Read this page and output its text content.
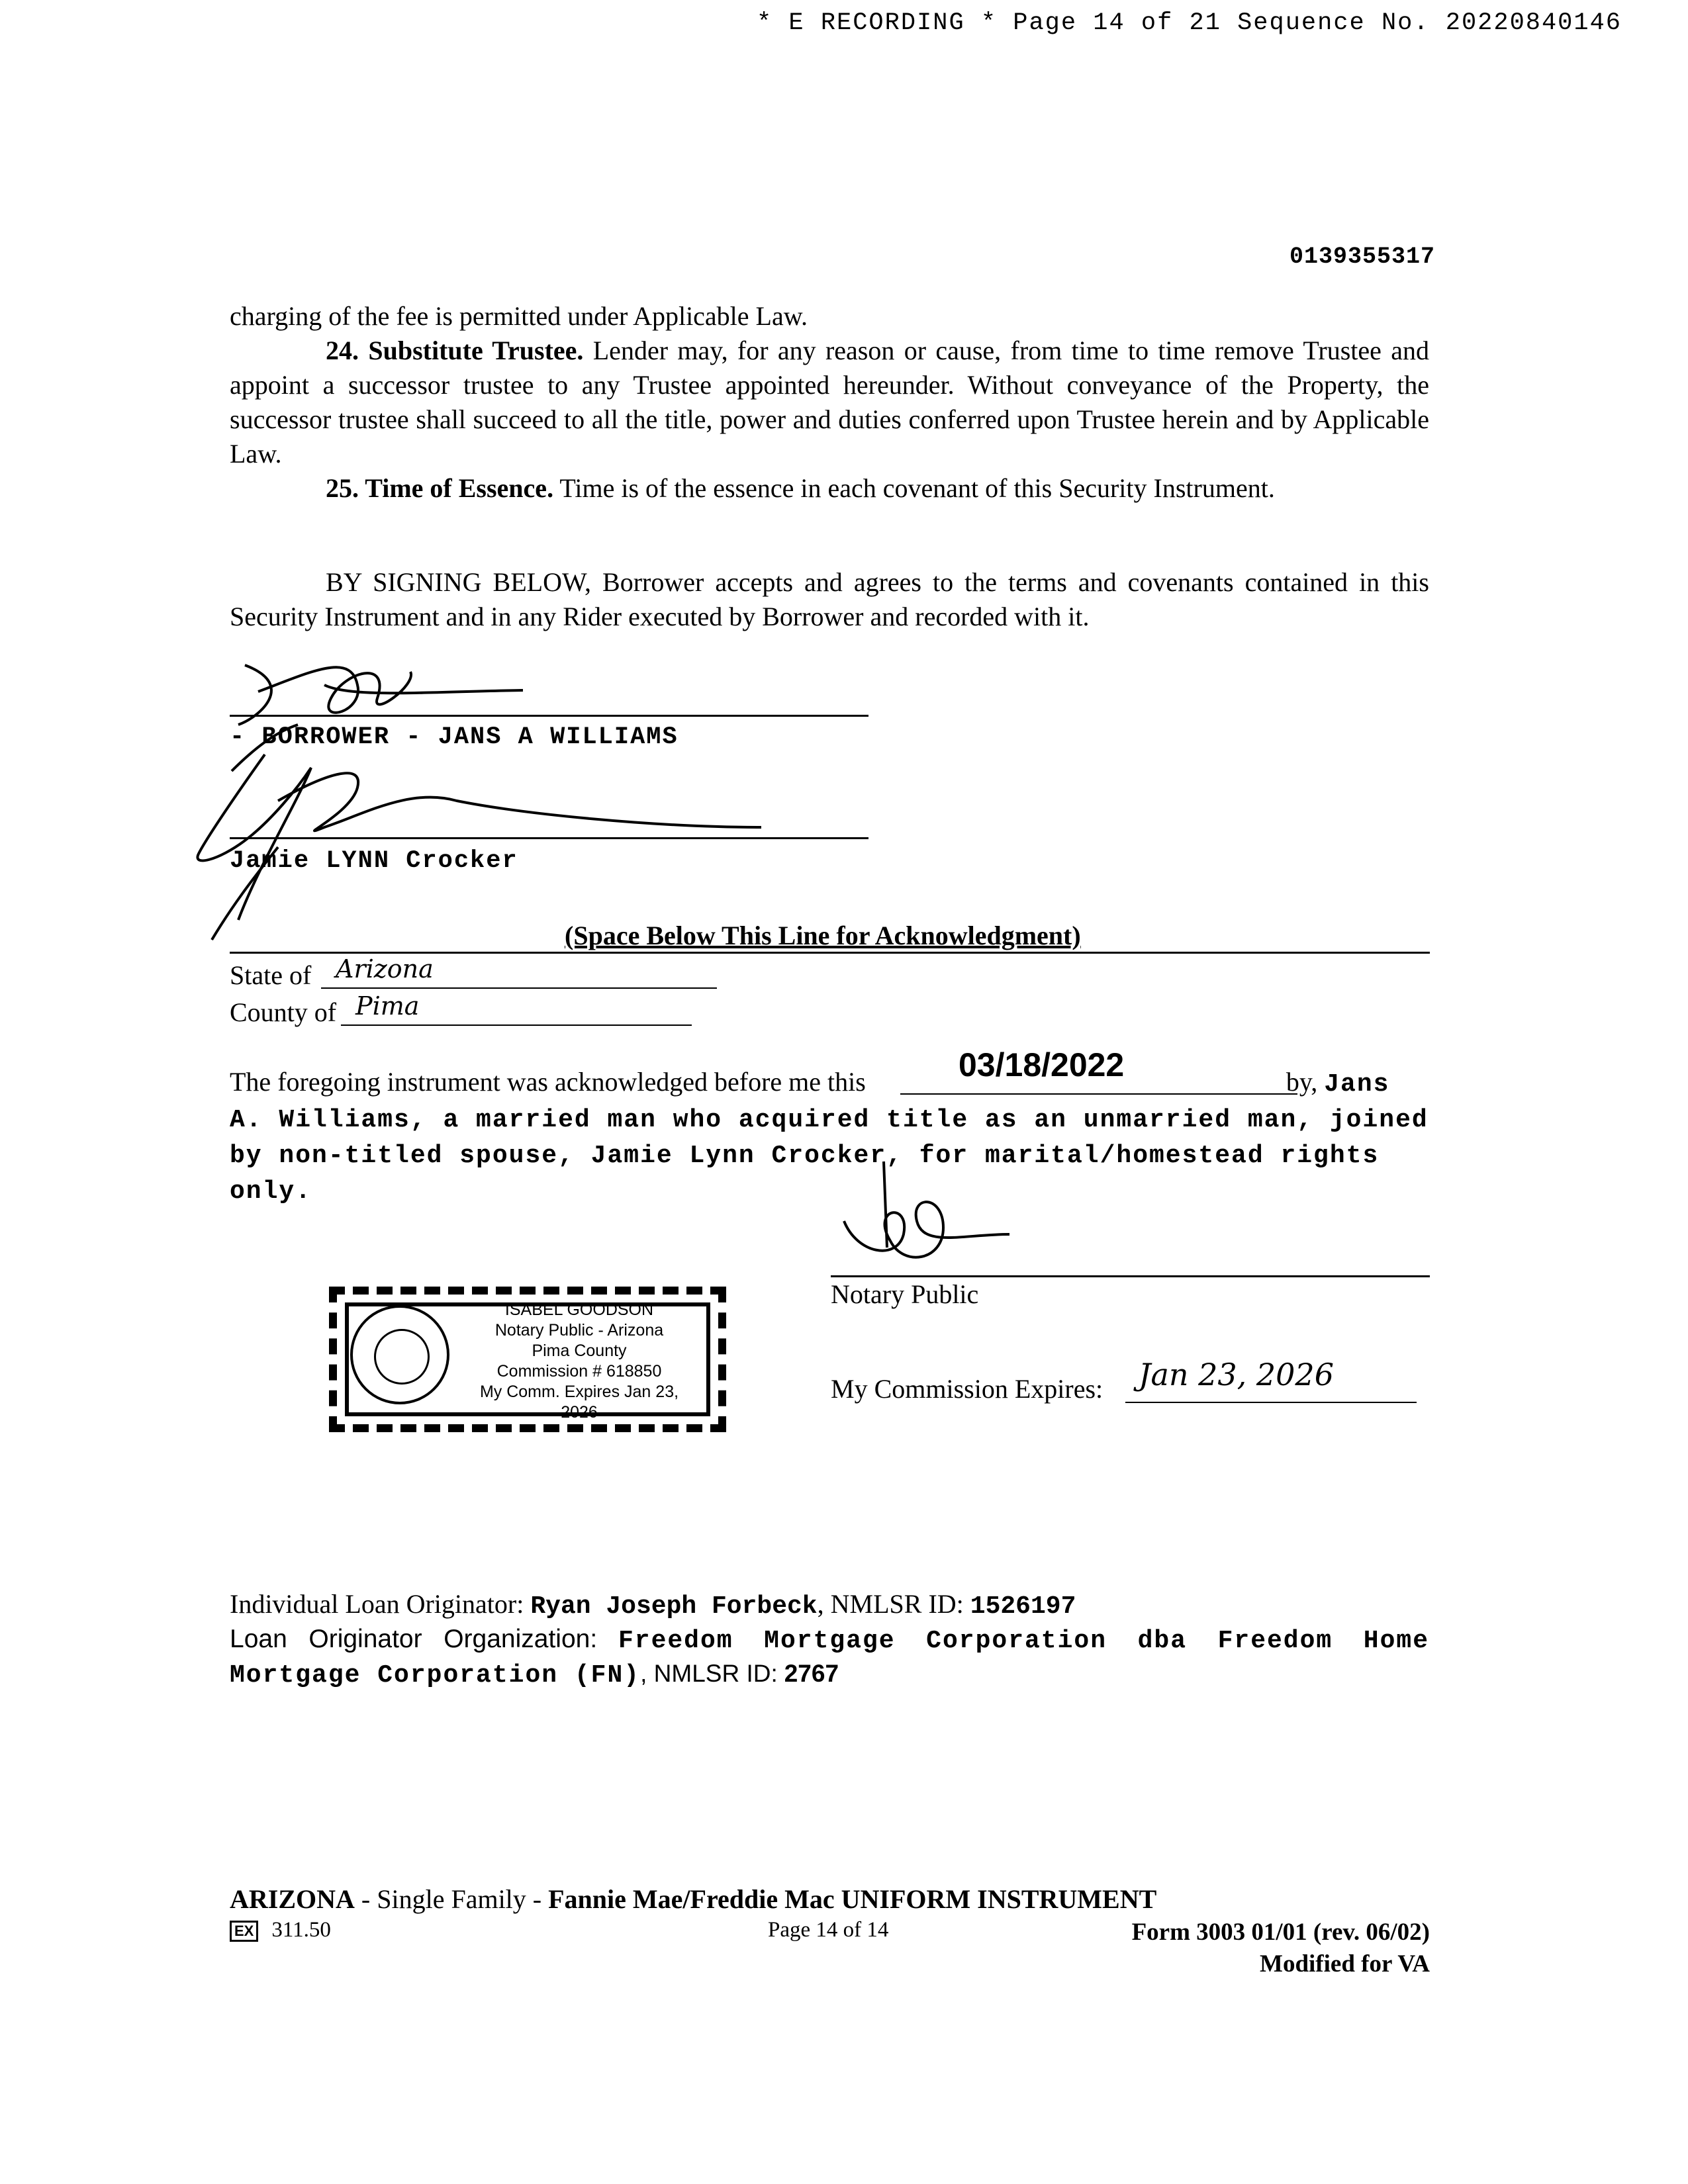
* E RECORDING * Page 14 of 21 Sequence No. 20220840146
0139355317

charging of the fee is permitted under Applicable Law.

24. Substitute Trustee. Lender may, for any reason or cause, from time to time remove Trustee and appoint a successor trustee to any Trustee appointed hereunder. Without conveyance of the Property, the successor trustee shall succeed to all the title, power and duties conferred upon Trustee herein and by Applicable Law.

25. Time of Essence. Time is of the essence in each covenant of this Security Instrument.

BY SIGNING BELOW, Borrower accepts and agrees to the terms and covenants contained in this Security Instrument and in any Rider executed by Borrower and recorded with it.

- BORROWER - JANS A WILLIAMS
Jamie LYNN Crocker
(Space Below This Line for Acknowledgment)
State of Arizona
County of Pima
03/18/2022
The foregoing instrument was acknowledged before me this	by, Jans A. Williams, a married man who acquired title as an unmarried man, joined by non-titled spouse, Jamie Lynn Crocker, for marital/homestead rights only.
Notary Public
My Commission Expires: Jan 23, 2026
ISABEL GOODSON
Notary Public - Arizona
Pima County
Commission # 618850
My Comm. Expires Jan 23, 2026
Individual Loan Originator: Ryan Joseph Forbeck, NMLSR ID: 1526197
Loan Originator Organization: Freedom Mortgage Corporation dba Freedom Home Mortgage Corporation (FN), NMLSR ID: 2767
ARIZONA - Single Family - Fannie Mae/Freddie Mac UNIFORM INSTRUMENT
EX 311.50	Page 14 of 14	Form 3003 01/01 (rev. 06/02)
Modified for VA
